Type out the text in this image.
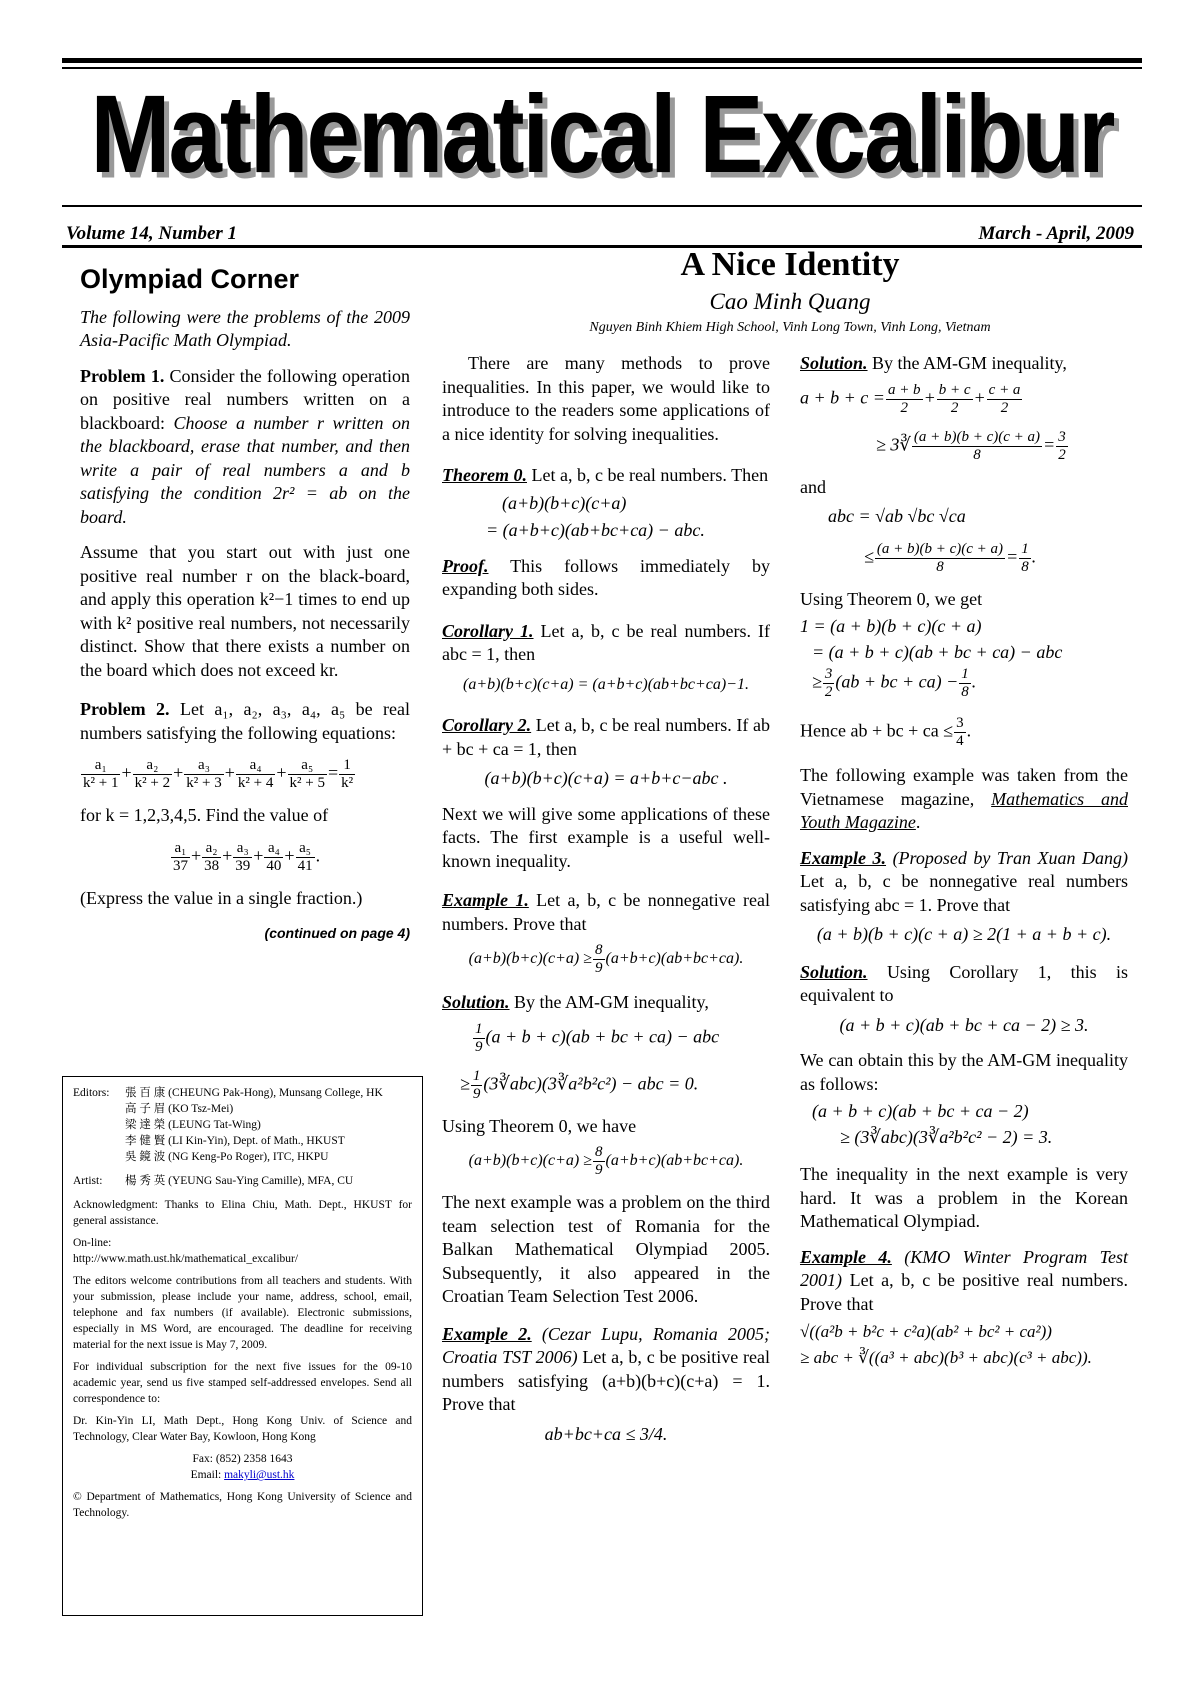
Mathematical Excalibur
Volume 14, Number 1	March - April, 2009
Olympiad Corner

The following were the problems of the 2009 Asia-Pacific Math Olympiad.

Problem 1. Consider the following operation on positive real numbers written on a blackboard: Choose a number r written on the blackboard, erase that number, and then write a pair of real numbers a and b satisfying the condition 2r² = ab on the board.

Assume that you start out with just one positive real number r on the black-board, and apply this operation k²−1 times to end up with k² positive real numbers, not necessarily distinct. Show that there exists a number on the board which does not exceed kr.

Problem 2. Let a₁, a₂, a₃, a₄, a₅ be real numbers satisfying the following equations:

$\frac{\text{a₁}}{\text{k² + 1}} + \frac{\text{a₂}}{\text{k² + 2}} + \frac{\text{a₃}}{\text{k² + 3}} + \frac{\text{a₄}}{\text{k² + 4}} + \frac{\text{a₅}}{\text{k² + 5}} = \frac{1}{\text{k²}}$

for k = 1,2,3,4,5. Find the value of

$\frac{\text{a₁}}{37} + \frac{\text{a₂}}{38} + \frac{\text{a₃}}{39} + \frac{\text{a₄}}{40} + \frac{\text{a₅}}{41}$ .

(Express the value in a single fraction.)

(continued on page 4)
Editors:	張 百 康 (CHEUNG Pak-Hong), Munsang College, HK
高 子 眉 (KO Tsz-Mei)
梁 達 榮 (LEUNG Tat-Wing)
李 健 賢 (LI Kin-Yin), Dept. of Math., HKUST
吳 鏡 波 (NG Keng-Po Roger), ITC, HKPU
Artist:	楊 秀 英 (YEUNG Sau-Ying Camille), MFA, CU

Acknowledgment: Thanks to Elina Chiu, Math. Dept., HKUST for general assistance.

On-line:

http://www.math.ust.hk/mathematical_excalibur/

The editors welcome contributions from all teachers and students. With your submission, please include your name, address, school, email, telephone and fax numbers (if available). Electronic submissions, especially in MS Word, are encouraged. The deadline for receiving material for the next issue is May 7, 2009.

For individual subscription for the next five issues for the 09-10 academic year, send us five stamped self-addressed envelopes. Send all correspondence to:

Dr. Kin-Yin LI, Math Dept., Hong Kong Univ. of Science and Technology, Clear Water Bay, Kowloon, Hong Kong

Fax: (852) 2358 1643
Email: makyli@ust.hk

© Department of Mathematics, Hong Kong University of Science and Technology.

A Nice Identity
Cao Minh Quang
Nguyen Binh Khiem High School, Vinh Long Town, Vinh Long, Vietnam

There are many methods to prove inequalities. In this paper, we would like to introduce to the readers some applications of a nice identity for solving inequalities.

Theorem 0. Let a, b, c be real numbers. Then

(a+b)(b+c)(c+a)
= (a+b+c)(ab+bc+ca) − abc.

Proof. This follows immediately by expanding both sides.

Corollary 1. Let a, b, c be real numbers. If abc = 1, then

(a+b)(b+c)(c+a) = (a+b+c)(ab+bc+ca)−1.

Corollary 2. Let a, b, c be real numbers. If ab + bc + ca = 1, then

(a+b)(b+c)(c+a) = a+b+c−abc .

Next we will give some applications of these facts. The first example is a useful well-known inequality.

Example 1. Let a, b, c be nonnegative real numbers. Prove that

$(a+b)(b+c)(c+a) \ge \frac{8}{9} (a+b+c)(ab+bc+ca)$.

Solution. By the AM-GM inequality,

$\frac{1}{9} (a + b + c)(ab$ + bc + ca) − abc
≥ $\frac{1}{9}$ (3∛abc)(3∛a²b²c²) − abc = 0.

Using Theorem 0, we have

$(a+b)(b+c)(c+a) \ge \frac{8}{9} (a+b+c)(ab+bc+ca)$.

The next example was a problem on the third team selection test of Romania for the Balkan Mathematical Olympiad 2005. Subsequently, it also appeared in the Croatian Team Selection Test 2006.

Example 2. (Cezar Lupu, Romania 2005; Croatia TST 2006) Let a, b, c be positive real numbers satisfying (a+b)(b+c)(c+a) = 1. Prove that

ab+bc+ca ≤ 3/4.

Solution. By the AM-GM inequality,

$a + b + c = \frac{a + b}{2} + \frac{b + c}{2} + \frac{c + a}{2}$
≥ 3∛ $\frac{(a + b)(b + c)(c + a)}{8} = \frac{3}{2}$

and

abc = √ab √bc √ca
≤ $\frac{(a + b)(b + c)(c + a)}{8} = \frac{1}{8}$ .

Using Theorem 0, we get

1 = (a + b)(b + c)(c + a)
= (a + b + c)(ab + bc + ca) − abc
≥ $\frac{3}{2} (ab$ + bc + $ca) - \frac{1}{8}$ .

Hence ab + bc + ca ≤ $\frac{3}{4}$ .

The following example was taken from the Vietnamese magazine, Mathematics and Youth Magazine.

Example 3. (Proposed by Tran Xuan Dang) Let a, b, c be nonnegative real numbers satisfying abc = 1. Prove that

(a + b)(b + c)(c + a) ≥ 2(1 + a + b + c).

Solution. Using Corollary 1, this is equivalent to

(a + b + c)(ab + bc + ca − 2) ≥ 3.

We can obtain this by the AM-GM inequality as follows:

(a + b + c)(ab + bc + ca − 2)
≥ (3∛abc)(3∛a²b²c² − 2) = 3.

The inequality in the next example is very hard. It was a problem in the Korean Mathematical Olympiad.

Example 4. (KMO Winter Program Test 2001) Let a, b, c be positive real numbers. Prove that

√((a²b + b²c + c²a)(ab² + bc² + ca²))
≥ abc + ∛((a³ + abc)(b³ + abc)(c³ + abc)).
